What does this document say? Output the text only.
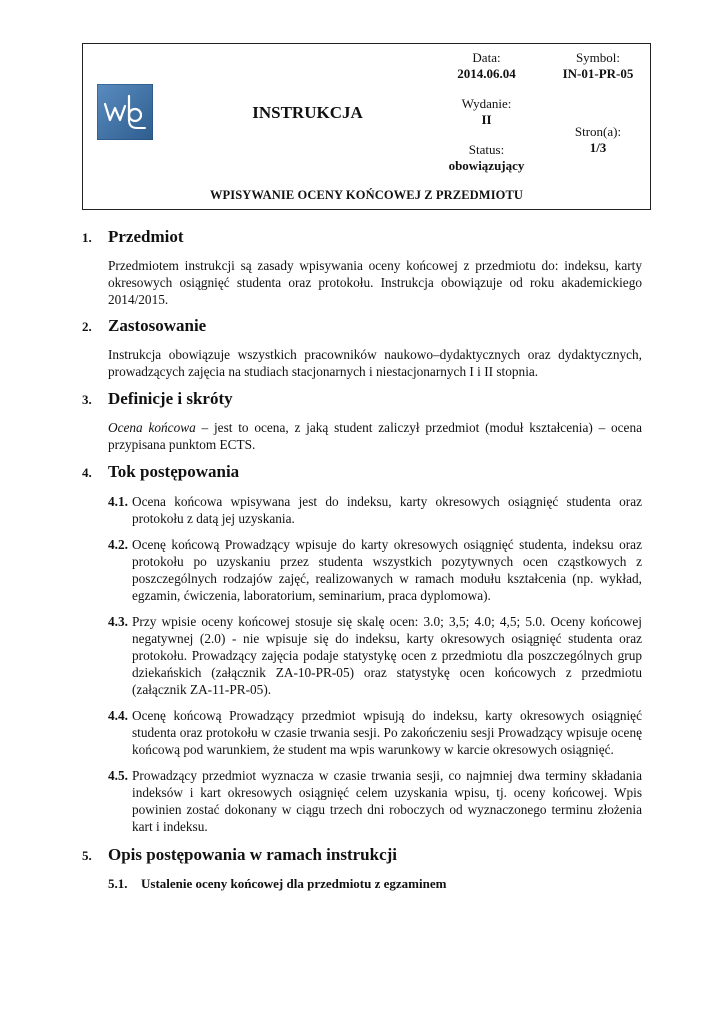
INSTRUKCJA
Data:
2014.06.04
Wydanie:
II
Status:
obowiązujący
Symbol:
IN-01-PR-05
Stron(a):
1/3
WPISYWANIE OCENY KOŃCOWEJ Z PRZEDMIOTU
1. Przedmiot

Przedmiotem instrukcji są zasady wpisywania oceny końcowej z przedmiotu do: indeksu, karty okresowych osiągnięć studenta oraz protokołu. Instrukcja obowiązuje od roku akademickiego 2014/2015.

2. Zastosowanie

Instrukcja obowiązuje wszystkich pracowników naukowo–dydaktycznych oraz dydaktycznych, prowadzących zajęcia na studiach stacjonarnych i niestacjonarnych I i II stopnia.

3. Definicje i skróty

Ocena końcowa – jest to ocena, z jaką student zaliczył przedmiot (moduł kształcenia) – ocena przypisana punktom ECTS.

4. Tok postępowania
4.1. Ocena końcowa wpisywana jest do indeksu, karty okresowych osiągnięć studenta oraz protokołu z datą jej uzyskania.
4.2. Ocenę końcową Prowadzący wpisuje do karty okresowych osiągnięć studenta, indeksu oraz protokołu po uzyskaniu przez studenta wszystkich pozytywnych ocen cząstkowych z poszczególnych rodzajów zajęć, realizowanych w ramach modułu kształcenia (np. wykład, egzamin, ćwiczenia, laboratorium, seminarium, praca dyplomowa).
4.3. Przy wpisie oceny końcowej stosuje się skalę ocen: 3.0; 3,5; 4.0; 4,5; 5.0. Oceny końcowej negatywnej (2.0) - nie wpisuje się do indeksu, karty okresowych osiągnięć studenta oraz protokołu. Prowadzący zajęcia podaje statystykę ocen z przedmiotu dla poszczególnych grup dziekańskich (załącznik ZA-10-PR-05) oraz statystykę ocen końcowych z przedmiotu (załącznik ZA-11-PR-05).
4.4. Ocenę końcową Prowadzący przedmiot wpisują do indeksu, karty okresowych osiągnięć studenta oraz protokołu w czasie trwania sesji. Po zakończeniu sesji Prowadzący wpisuje ocenę końcową pod warunkiem, że student ma wpis warunkowy w karcie okresowych osiągnięć.
4.5. Prowadzący przedmiot wyznacza w czasie trwania sesji, co najmniej dwa terminy składania indeksów i kart okresowych osiągnięć celem uzyskania wpisu, tj. oceny końcowej. Wpis powinien zostać dokonany w ciągu trzech dni roboczych od wyznaczonego terminu złożenia kart i indeksu.
5. Opis postępowania w ramach instrukcji
5.1.	Ustalenie oceny końcowej dla przedmiotu z egzaminem
